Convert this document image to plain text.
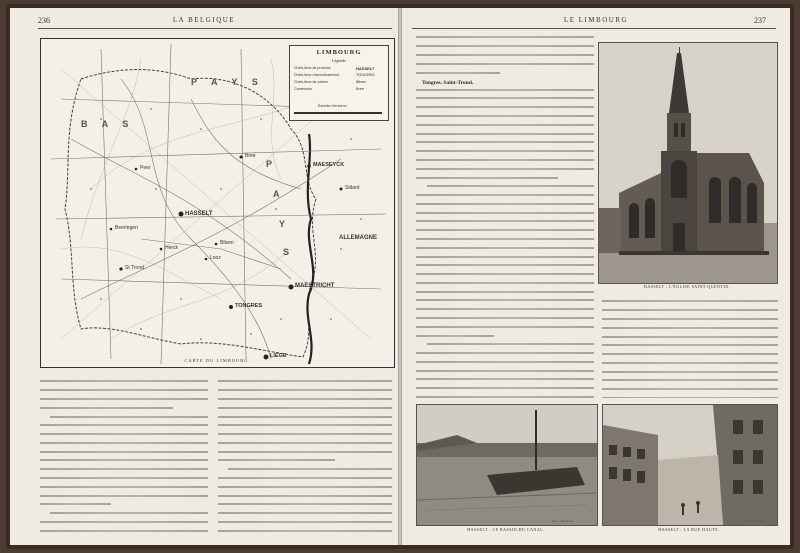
236	LA BELGIQUE
LIMBOURG
Légende
Chefs-lieux de province
Chefs-lieux d'arrondissement
Chefs-lieux de canton
Communes
HASSELT
TONGRES
Bilsen
Bree
Échelle d'environ
P A Y S
B A S
P
A
Y
S
ALLEMAGNE
HASSELT
MAESTRICHT
TONGRES
LIÉGE
MAESEYCK
Bree
St Trond
Sittard
Bilsen
Peer
Beeringen
Looz
Herck
CARTE DU LIMBOURG.
LE LIMBOURG	237
Tongres. Saint-Trond.
HASSELT : L'ÉGLISE SAINT-QUENTIN.
Phot. Hermans.
HASSELT : LE BASSIN DU CANAL.
Phot. Hermans.
HASSELT : LA RUE HAUTE.
